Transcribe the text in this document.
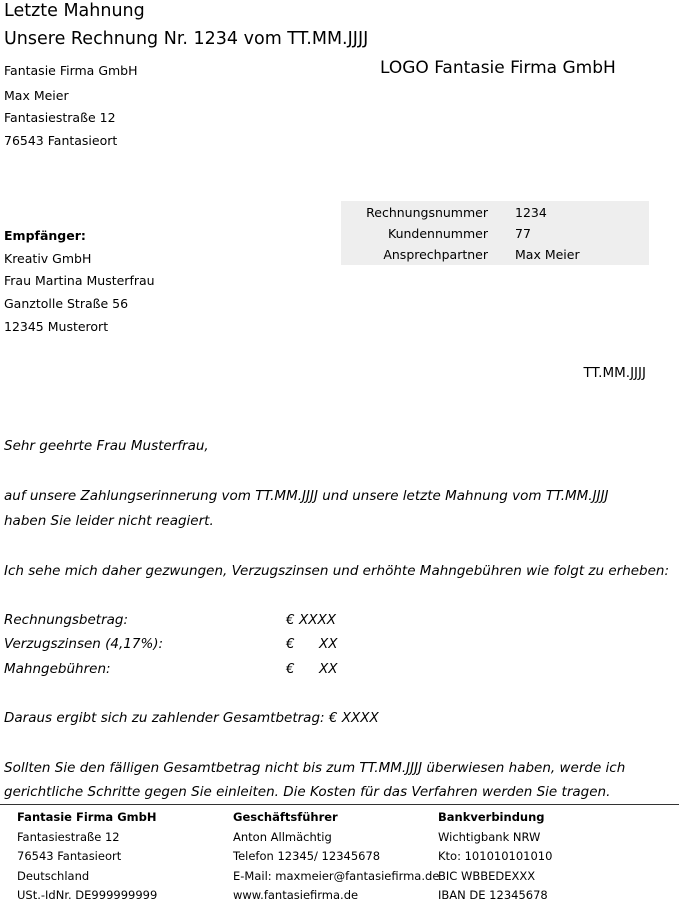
Letzte Mahnung
Unsere Rechnung Nr. 1234 vom TT.MM.JJJJ
LOGO Fantasie Firma GmbH
Fantasie Firma GmbH
Max Meier
Fantasiestraße 12
76543 Fantasieort
Rechnungsnummer 1234
Kundennummer 77
Ansprechpartner Max Meier
Empfänger:
Kreativ GmbH
Frau Martina Musterfrau
Ganztolle Straße 56
12345 Musterort
TT.MM.JJJJ
Sehr geehrte Frau Musterfrau,
auf unsere Zahlungserinnerung vom TT.MM.JJJJ und unsere letzte Mahnung vom TT.MM.JJJJ
haben Sie leider nicht reagiert.
Ich sehe mich daher gezwungen, Verzugszinsen und erhöhte Mahngebühren wie folgt zu erheben:
Rechnungsbetrag:	€ XXXX
Verzugszinsen (4,17%):	€ XX
Mahngebühren:	€ XX
Daraus ergibt sich zu zahlender Gesamtbetrag: € XXXX
Sollten Sie den fälligen Gesamtbetrag nicht bis zum TT.MM.JJJJ überwiesen haben, werde ich
gerichtliche Schritte gegen Sie einleiten. Die Kosten für das Verfahren werden Sie tragen.
Fantasie Firma GmbH
Fantasiestraße 12
76543 Fantasieort
Deutschland
USt.-IdNr. DE999999999
Geschäftsführer
Anton Allmächtig
Telefon 12345/ 12345678
E-Mail: maxmeier@fantasiefirma.de
www.fantasiefirma.de
Bankverbindung
Wichtigbank NRW
Kto: 101010101010
BIC WBBEDEXXX
IBAN DE 12345678
